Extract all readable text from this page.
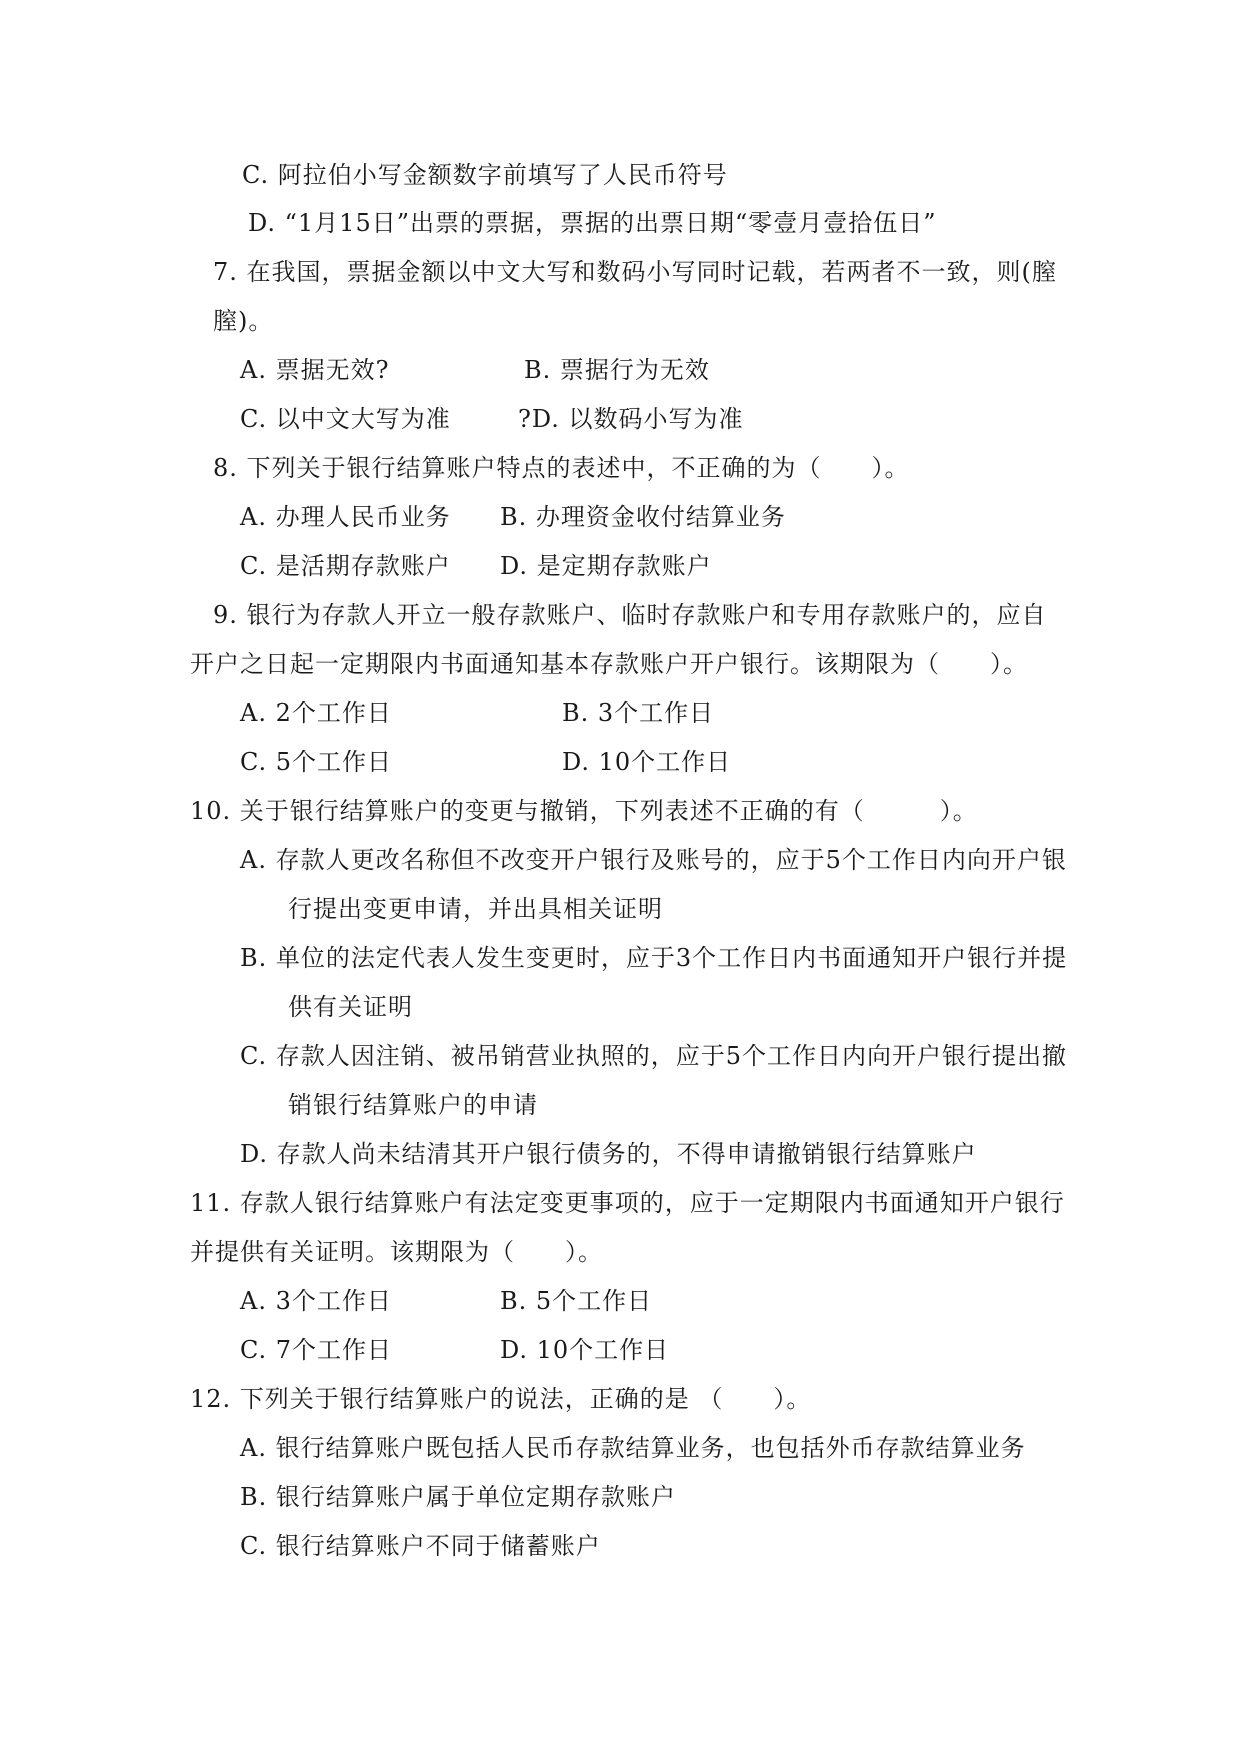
C. 阿拉伯小写金额数字前填写了人民币符号
D. “1月15日”出票的票据，票据的出票日期“零壹月壹拾伍日”
7. 在我国，票据金额以中文大写和数码小写同时记载，若两者不一致，则(膣
膣)。
A. 票据无效?	B. 票据行为无效
C. 以中文大写为准	?D. 以数码小写为准
8. 下列关于银行结算账户特点的表述中，不正确的为（　　）。
A. 办理人民币业务 B. 办理资金收付结算业务
C. 是活期存款账户 D. 是定期存款账户
9. 银行为存款人开立一般存款账户、临时存款账户和专用存款账户的，应自
开户之日起一定期限内书面通知基本存款账户开户银行。该期限为（　　）。
A. 2个工作日	B. 3个工作日
C. 5个工作日	D. 10个工作日
10. 关于银行结算账户的变更与撤销，下列表述不正确的有（　　　）。
A. 存款人更改名称但不改变开户银行及账号的，应于5个工作日内向开户银
行提出变更申请，并出具相关证明
B. 单位的法定代表人发生变更时，应于3个工作日内书面通知开户银行并提
供有关证明
C. 存款人因注销、被吊销营业执照的，应于5个工作日内向开户银行提出撤
销银行结算账户的申请
D. 存款人尚未结清其开户银行债务的，不得申请撤销银行结算账户
11. 存款人银行结算账户有法定变更事项的，应于一定期限内书面通知开户银行
并提供有关证明。该期限为（　　）。
A. 3个工作日	B. 5个工作日
C. 7个工作日	D. 10个工作日
12. 下列关于银行结算账户的说法，正确的是 （　　）。
A. 银行结算账户既包括人民币存款结算业务，也包括外币存款结算业务
B. 银行结算账户属于单位定期存款账户
C. 银行结算账户不同于储蓄账户
